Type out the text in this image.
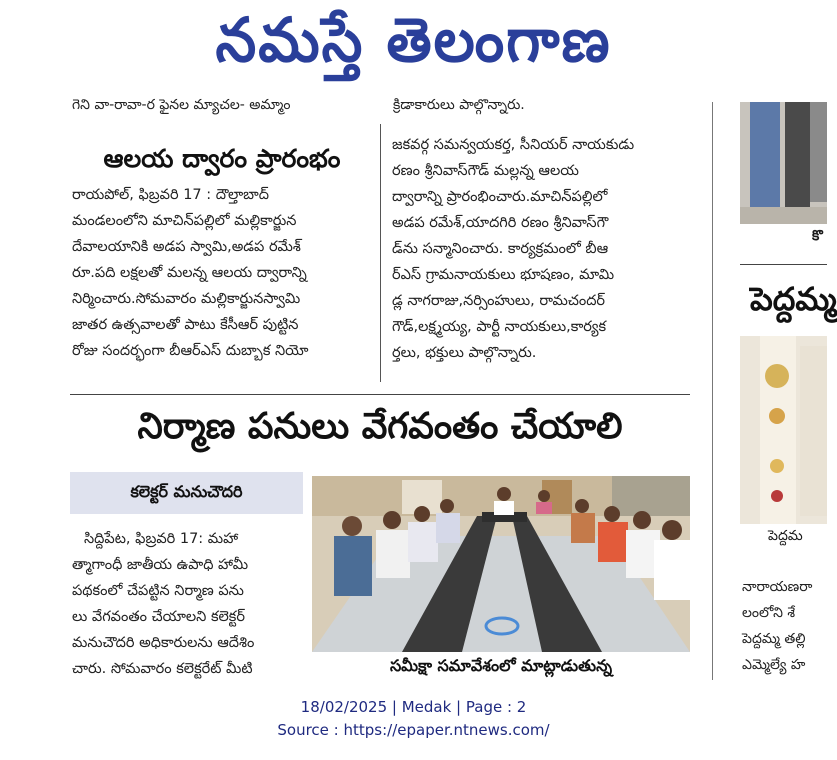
నమస్తే తెలంగాణ
గెని వా-రావా-ర ఫైనల మ్యాచల- అమ్మాం	క్రిడాకారులు పాల్గొన్నారు.
ఆలయ ద్వారం ప్రారంభం
రాయపోల్, ఫిబ్రవరి 17 : దౌల్తాబాద్
మండలంలోని మాచిన్‌పల్లిలో మల్లికార్జున
దేవాలయానికి అడప స్వామి,అడప రమేశ్
రూ.పది లక్షలతో మలన్న ఆలయ ద్వారాన్ని
నిర్మించారు.సోమవారం మల్లికార్జునస్వామి
జాతర ఉత్సవాలతో పాటు కేసీఆర్ పుట్టిన
రోజు సందర్భంగా బీఆర్‌ఎస్ దుబ్బాక నియో
జకవర్గ సమన్వయకర్త, సీనియర్ నాయకుడు
రణం శ్రీనివాస్‌గౌడ్ మల్లన్న ఆలయ
ద్వారాన్ని ప్రారంభించారు.మాచిన్‌పల్లిలో
అడప రమేశ్,యాదగిరి రణం శ్రీనివాస్‌గౌ
డ్‌ను సన్మానించారు. కార్యక్రమంలో బీఆ
ర్‌ఎస్ గ్రామనాయకులు భూషణం, మామి
డ్ల నాగరాజు,నర్సింహులు, రామచందర్
గౌడ్,లక్ష్మయ్య, పార్టీ నాయకులు,కార్యక
ర్తలు, భక్తులు పాల్గొన్నారు.
నిర్మాణ పనులు వేగవంతం చేయాలి
కలెక్టర్ మనుచౌదరి
సిద్దిపేట, ఫిబ్రవరి 17: మహా
త్మాగాంధీ జాతీయ ఉపాధి హామీ
పథకంలో చేపట్టిన నిర్మాణ పను
లు వేగవంతం చేయాలని కలెక్టర్
మనుచౌదరి అధికారులను ఆదేశిం
చారు. సోమవారం కలెక్టరేట్ మీటి	సమీక్షా సమావేశంలో మాట్లాడుతున్న
కొ
పెద్దమ్మ
పెద్దమ
నారాయణరా
లంలోని శే
పెద్దమ్మ తల్లి
ఎమ్మెల్యే హ
18/02/2025 | Medak | Page : 2
Source : https://epaper.ntnews.com/
